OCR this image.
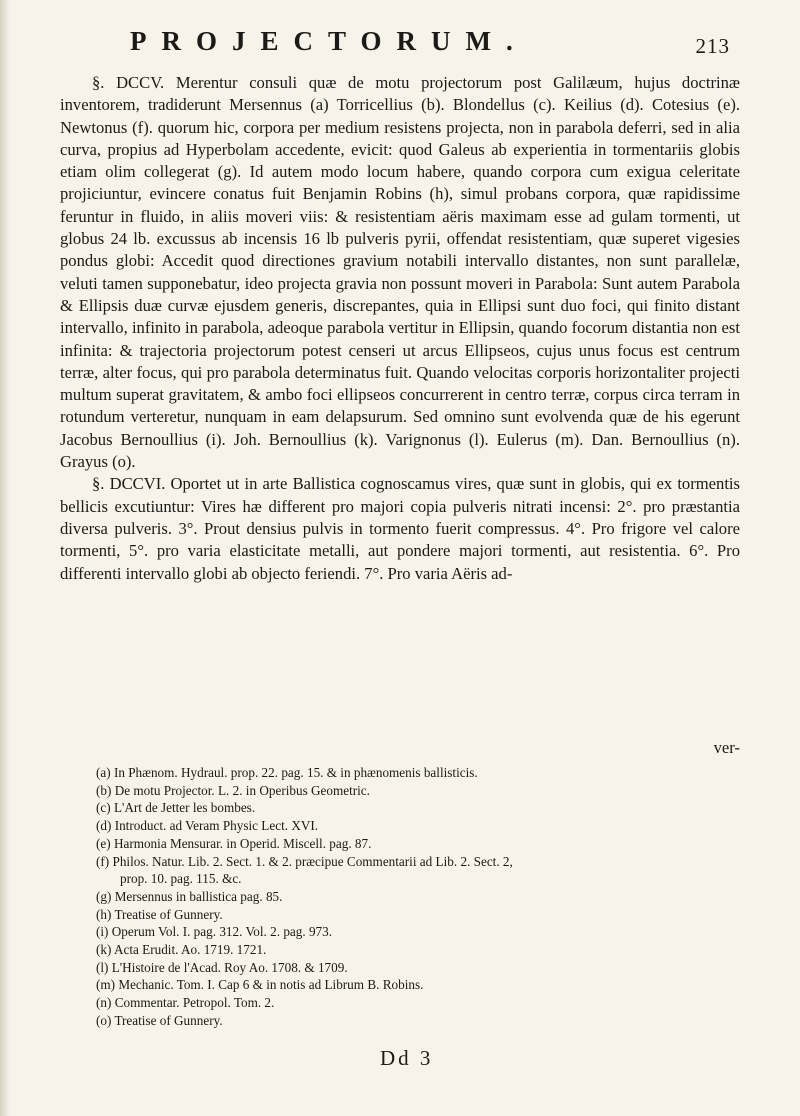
PROJECTORUM.	213

§. DCCV. Merentur consuli quæ de motu projectorum post Galilæum, hujus doctrinæ inventorem, tradiderunt Mersennus (a) Torricellius (b). Blondellus (c). Keilius (d). Cotesius (e). Newtonus (f). quorum hic, corpora per medium resistens projecta, non in parabola deferri, sed in alia curva, propius ad Hyperbolam accedente, evicit: quod Galeus ab experientia in tormentariis globis etiam olim collegerat (g). Id autem modo locum habere, quando corpora cum exigua celeritate projiciuntur, evincere conatus fuit Benjamin Robins (h), simul probans corpora, quæ rapidissime feruntur in fluido, in aliis moveri viis: & resistentiam aëris maximam esse ad gulam tormenti, ut globus 24 lb. excussus ab incensis 16 lb pulveris pyrii, offendat resistentiam, quæ superet vigesies pondus globi: Accedit quod directiones gravium notabili intervallo distantes, non sunt parallelæ, veluti tamen supponebatur, ideo projecta gravia non possunt moveri in Parabola: Sunt autem Parabola & Ellipsis duæ curvæ ejusdem generis, discrepantes, quia in Ellipsi sunt duo foci, qui finito distant intervallo, infinito in parabola, adeoque parabola vertitur in Ellipsin, quando focorum distantia non est infinita: & trajectoria projectorum potest censeri ut arcus Ellipseos, cujus unus focus est centrum terræ, alter focus, qui pro parabola determinatus fuit. Quando velocitas corporis horizontaliter projecti multum superat gravitatem, & ambo foci ellipseos concurrerent in centro terræ, corpus circa terram in rotundum verteretur, nunquam in eam delapsurum. Sed omnino sunt evolvenda quæ de his egerunt Jacobus Bernoullius (i). Joh. Bernoullius (k). Varignonus (l). Eulerus (m). Dan. Bernoullius (n). Grayus (o).

§. DCCVI. Oportet ut in arte Ballistica cognoscamus vires, quæ sunt in globis, qui ex tormentis bellicis excutiuntur: Vires hæ different pro majori copia pulveris nitrati incensi: 2°. pro præstantia diversa pulveris. 3°. Prout densius pulvis in tormento fuerit compressus. 4°. Pro frigore vel calore tormenti, 5°. pro varia elasticitate metalli, aut pondere majori tormenti, aut resistentia. 6°. Pro differenti intervallo globi ab objecto feriendi. 7°. Pro varia Aëris ad-

ver-
(a) In Phænom. Hydraul. prop. 22. pag. 15. & in phænomenis ballisticis.
(b) De motu Projector. L. 2. in Operibus Geometric.
(c) L'Art de Jetter les bombes.
(d) Introduct. ad Veram Physic Lect. XVI.
(e) Harmonia Mensurar. in Operid. Miscell. pag. 87.
(f) Philos. Natur. Lib. 2. Sect. 1. & 2. præcipue Commentarii ad Lib. 2. Sect. 2,
prop. 10. pag. 115. &c.
(g) Mersennus in ballistica pag. 85.
(h) Treatise of Gunnery.
(i) Operum Vol. I. pag. 312. Vol. 2. pag. 973.
(k) Acta Erudit. Ao. 1719. 1721.
(l) L'Histoire de l'Acad. Roy Ao. 1708. & 1709.
(m) Mechanic. Tom. I. Cap 6 & in notis ad Librum B. Robins.
(n) Commentar. Petropol. Tom. 2.
(o) Treatise of Gunnery.
Dd 3
